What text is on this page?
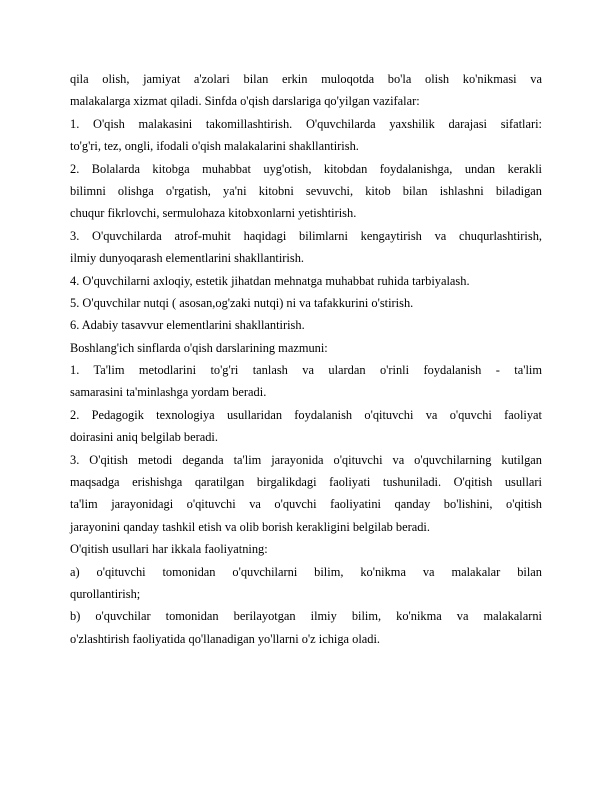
qila olish, jamiyat a'zolari bilan erkin muloqotda bo'la olish ko'nikmasi va
malakalarga xizmat qiladi. Sinfda o'qish darslariga qo'yilgan vazifalar:
1. O'qish malakasini takomillashtirish. O'quvchilarda yaxshilik darajasi sifatlari:
to'g'ri, tez, ongli, ifodali o'qish malakalarini shakllantirish.
2. Bolalarda kitobga muhabbat uyg'otish, kitobdan foydalanishga, undan kerakli
bilimni olishga o'rgatish, ya'ni kitobni sevuvchi, kitob bilan ishlashni biladigan
chuqur fikrlovchi, sermulohaza kitobxonlarni yetishtirish.
3. O'quvchilarda atrof-muhit haqidagi bilimlarni kengaytirish va chuqurlashtirish,
ilmiy dunyoqarash elementlarini shakllantirish.
4. O'quvchilarni axloqiy, estetik jihatdan mehnatga muhabbat ruhida tarbiyalash.
5. O'quvchilar nutqi ( asosan,og'zaki nutqi) ni va tafakkurini o'stirish.
6. Adabiy tasavvur elementlarini shakllantirish.
Boshlang'ich sinflarda o'qish darslarining mazmuni:
1. Ta'lim metodlarini to'g'ri tanlash va ulardan o'rinli foydalanish - ta'lim
samarasini ta'minlashga yordam beradi.
2. Pedagogik texnologiya usullaridan foydalanish o'qituvchi va o'quvchi faoliyat
doirasini aniq belgilab beradi.
3. O'qitish metodi deganda ta'lim jarayonida o'qituvchi va o'quvchilarning kutilgan
maqsadga erishishga qaratilgan birgalikdagi faoliyati tushuniladi. O'qitish usullari
ta'lim jarayonidagi o'qituvchi va o'quvchi faoliyatini qanday bo'lishini, o'qitish
jarayonini qanday tashkil etish va olib borish kerakligini belgilab beradi.
O'qitish usullari har ikkala faoliyatning:
a) o'qituvchi tomonidan o'quvchilarni bilim, ko'nikma va malakalar bilan
qurollantirish;
b) o'quvchilar tomonidan berilayotgan ilmiy bilim, ko'nikma va malakalarni
o'zlashtirish faoliyatida qo'llanadigan yo'llarni o'z ichiga oladi.
